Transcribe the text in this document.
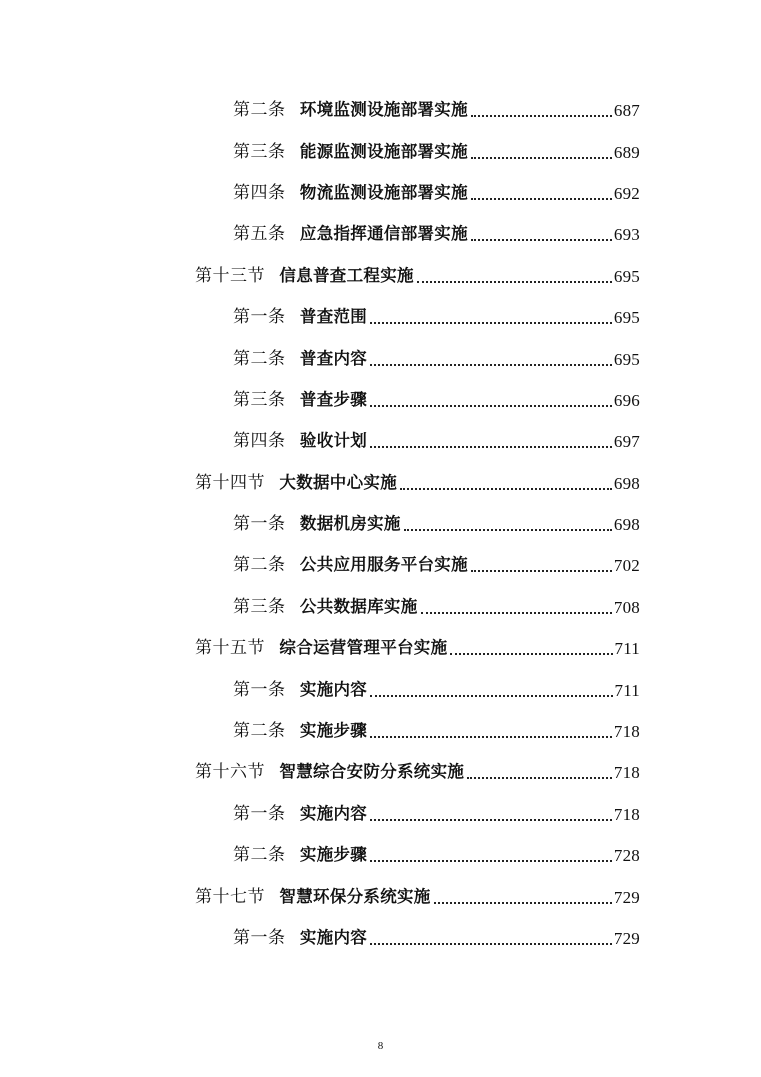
第二条 环境监测设施部署实施	687
第三条 能源监测设施部署实施	689
第四条 物流监测设施部署实施	692
第五条 应急指挥通信部署实施	693
第十三节 信息普查工程实施	695
第一条 普查范围	695
第二条 普查内容	695
第三条 普查步骤	696
第四条 验收计划	697
第十四节 大数据中心实施	698
第一条 数据机房实施	698
第二条 公共应用服务平台实施	702
第三条 公共数据库实施	708
第十五节 综合运营管理平台实施	711
第一条 实施内容	711
第二条 实施步骤	718
第十六节 智慧综合安防分系统实施	718
第一条 实施内容	718
第二条 实施步骤	728
第十七节 智慧环保分系统实施	729
第一条 实施内容	729
8
